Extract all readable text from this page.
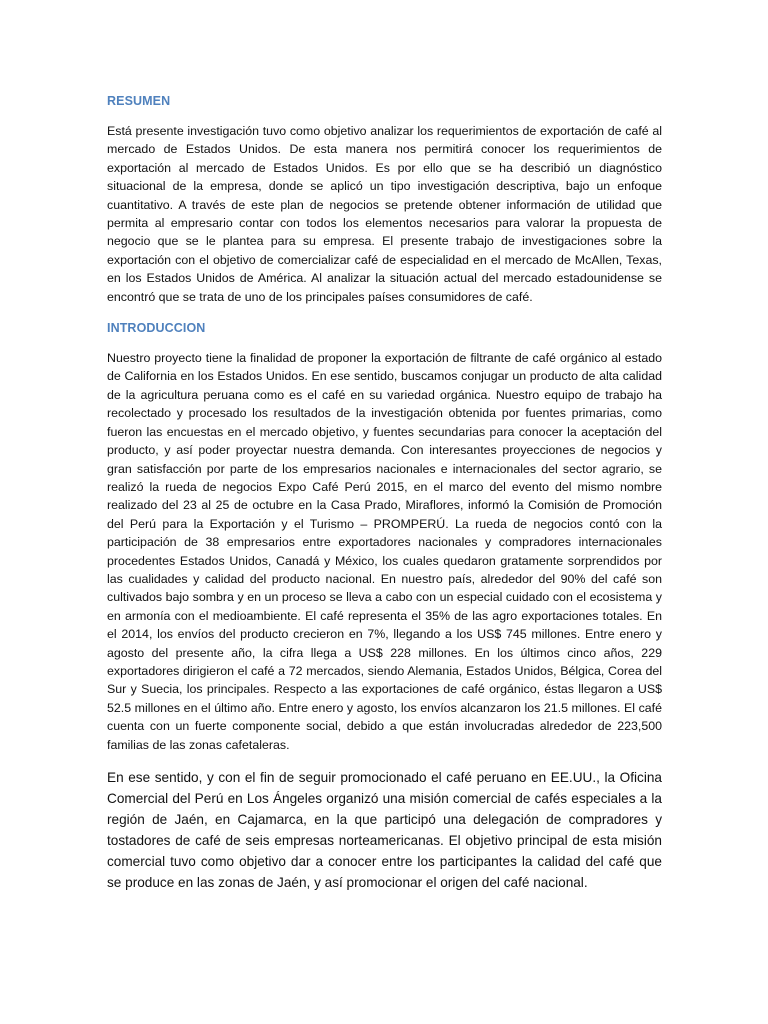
RESUMEN

Está presente investigación tuvo como objetivo analizar los requerimientos de exportación de café al mercado de Estados Unidos. De esta manera nos permitirá conocer los requerimientos de exportación al mercado de Estados Unidos. Es por ello que se ha describió un diagnóstico situacional de la empresa, donde se aplicó un tipo investigación descriptiva, bajo un enfoque cuantitativo. A través de este plan de negocios se pretende obtener información de utilidad que permita al empresario contar con todos los elementos necesarios para valorar la propuesta de negocio que se le plantea para su empresa. El presente trabajo de investigaciones sobre la exportación con el objetivo de comercializar café de especialidad en el mercado de McAllen, Texas, en los Estados Unidos de América. Al analizar la situación actual del mercado estadounidense se encontró que se trata de uno de los principales países consumidores de café.

INTRODUCCION

Nuestro proyecto tiene la finalidad de proponer la exportación de filtrante de café orgánico al estado de California en los Estados Unidos. En ese sentido, buscamos conjugar un producto de alta calidad de la agricultura peruana como es el café en su variedad orgánica. Nuestro equipo de trabajo ha recolectado y procesado los resultados de la investigación obtenida por fuentes primarias, como fueron las encuestas en el mercado objetivo, y fuentes secundarias para conocer la aceptación del producto, y así poder proyectar nuestra demanda. Con interesantes proyecciones de negocios y gran satisfacción por parte de los empresarios nacionales e internacionales del sector agrario, se realizó la rueda de negocios Expo Café Perú 2015, en el marco del evento del mismo nombre realizado del 23 al 25 de octubre en la Casa Prado, Miraflores, informó la Comisión de Promoción del Perú para la Exportación y el Turismo – PROMPERÚ. La rueda de negocios contó con la participación de 38 empresarios entre exportadores nacionales y compradores internacionales procedentes Estados Unidos, Canadá y México, los cuales quedaron gratamente sorprendidos por las cualidades y calidad del producto nacional. En nuestro país, alrededor del 90% del café son cultivados bajo sombra y en un proceso se lleva a cabo con un especial cuidado con el ecosistema y en armonía con el medioambiente. El café representa el 35% de las agro exportaciones totales. En el 2014, los envíos del producto crecieron en 7%, llegando a los US$ 745 millones. Entre enero y agosto del presente año, la cifra llega a US$ 228 millones. En los últimos cinco años, 229 exportadores dirigieron el café a 72 mercados, siendo Alemania, Estados Unidos, Bélgica, Corea del Sur y Suecia, los principales. Respecto a las exportaciones de café orgánico, éstas llegaron a US$ 52.5 millones en el último año. Entre enero y agosto, los envíos alcanzaron los 21.5 millones. El café cuenta con un fuerte componente social, debido a que están involucradas alrededor de 223,500 familias de las zonas cafetaleras.

En ese sentido, y con el fin de seguir promocionado el café peruano en EE.UU., la Oficina Comercial del Perú en Los Ángeles organizó una misión comercial de cafés especiales a la región de Jaén, en Cajamarca, en la que participó una delegación de compradores y tostadores de café de seis empresas norteamericanas. El objetivo principal de esta misión comercial tuvo como objetivo dar a conocer entre los participantes la calidad del café que se produce en las zonas de Jaén, y así promocionar el origen del café nacional.
